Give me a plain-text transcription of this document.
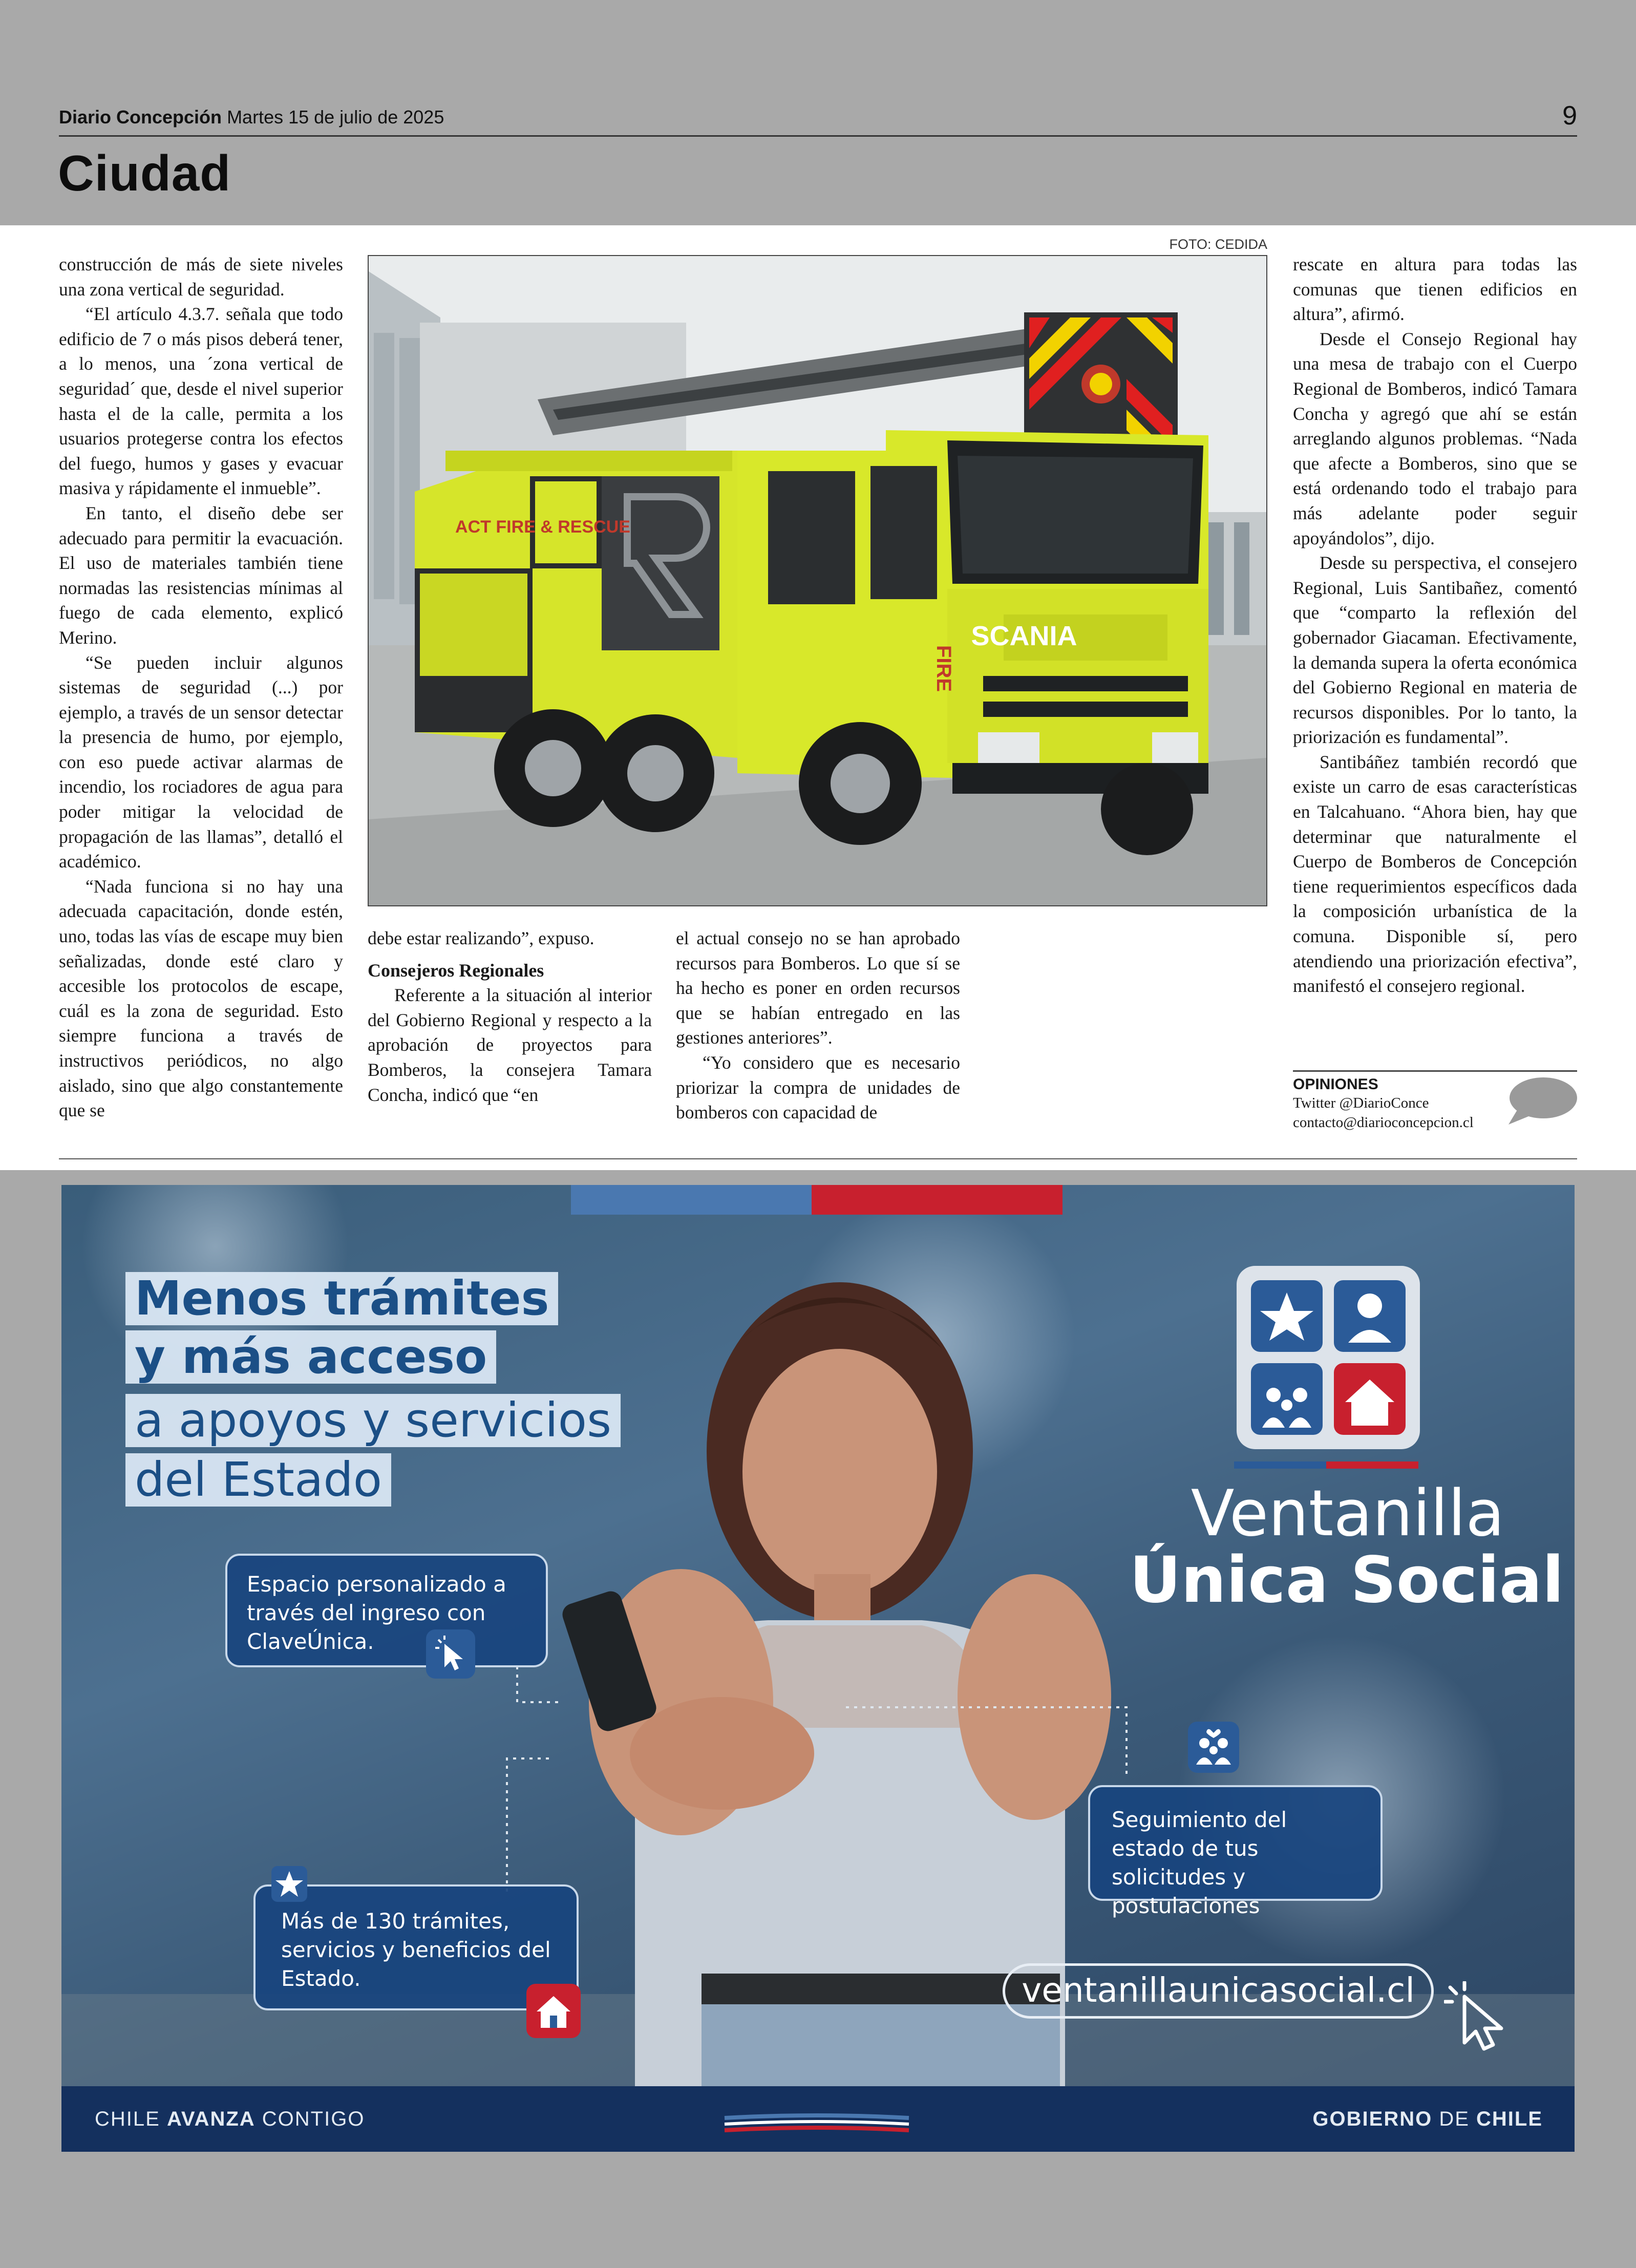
Diario Concepción Martes 15 de julio de 2025	9
Ciudad

construcción de más de siete niveles una zona vertical de seguridad.

“El artículo 4.3.7. señala que todo edificio de 7 o más pisos deberá tener, a lo menos, una ´zona vertical de seguridad´ que, desde el nivel superior hasta el de la calle, permita a los usuarios protegerse contra los efectos del fuego, humos y gases y evacuar masiva y rápidamente el inmueble”.

En tanto, el diseño debe ser adecuado para permitir la evacuación. El uso de materiales también tiene normadas las resistencias mínimas al fuego de cada elemento, explicó Merino.

“Se pueden incluir algunos sistemas de seguridad (...) por ejemplo, a través de un sensor detectar la presencia de humo, por ejemplo, con eso puede activar alarmas de incendio, los rociadores de agua para poder mitigar la velocidad de propagación de las llamas”, detalló el académico.

“Nada funciona si no hay una adecuada capacitación, donde estén, uno, todas las vías de escape muy bien señalizadas, donde esté claro y accesible los protocolos de escape, cuál es la zona de seguridad. Esto siempre funciona a través de instructivos periódicos, no algo aislado, sino que algo constantemente que se

FOTO: CEDIDA
ACT FIRE & RESCUE
SCANIA
FIRE

debe estar realizando”, expuso.

Consejeros Regionales

Referente a la situación al interior del Gobierno Regional y respecto a la aprobación de proyectos para Bomberos, la consejera Tamara Concha, indicó que “en

el actual consejo no se han aprobado recursos para Bomberos. Lo que sí se ha hecho es poner en orden recursos que se habían entregado en las gestiones anteriores”.

“Yo considero que es necesario priorizar la compra de unidades de bomberos con capacidad de

rescate en altura para todas las comunas que tienen edificios en altura”, afirmó.

Desde el Consejo Regional hay una mesa de trabajo con el Cuerpo Regional de Bomberos, indicó Tamara Concha y agregó que ahí se están arreglando algunos problemas. “Nada que afecte a Bomberos, sino que se está ordenando todo el trabajo para más adelante poder seguir apoyándolos”, dijo.

Desde su perspectiva, el consejero Regional, Luis Santibañez, comentó que “comparto la reflexión del gobernador Giacaman. Efectivamente, la demanda supera la oferta económica del Gobierno Regional en materia de recursos disponibles. Por lo tanto, la priorización es fundamental”.

Santibáñez también recordó que existe un carro de esas características en Talcahuano. “Ahora bien, hay que determinar que naturalmente el Cuerpo de Bomberos de Concepción tiene requerimientos específicos dada la composición urbanística de la comuna. Disponible sí, pero atendiendo una priorización efectiva”, manifestó el consejero regional.

OPINIONES
Twitter @DiarioConce
contacto@diarioconcepcion.cl
Menos trámites
y más acceso
a apoyos y servicios
del Estado
Espacio personalizado a través del ingreso con ClaveÚnica.
Más de 130 trámites, servicios y beneficios del Estado.
Seguimiento del estado de tus solicitudes y postulaciones
Ventanilla
Única Social
ventanillaunicasocial.cl
CHILE AVANZA CONTIGO	GOBIERNO DE CHILE
